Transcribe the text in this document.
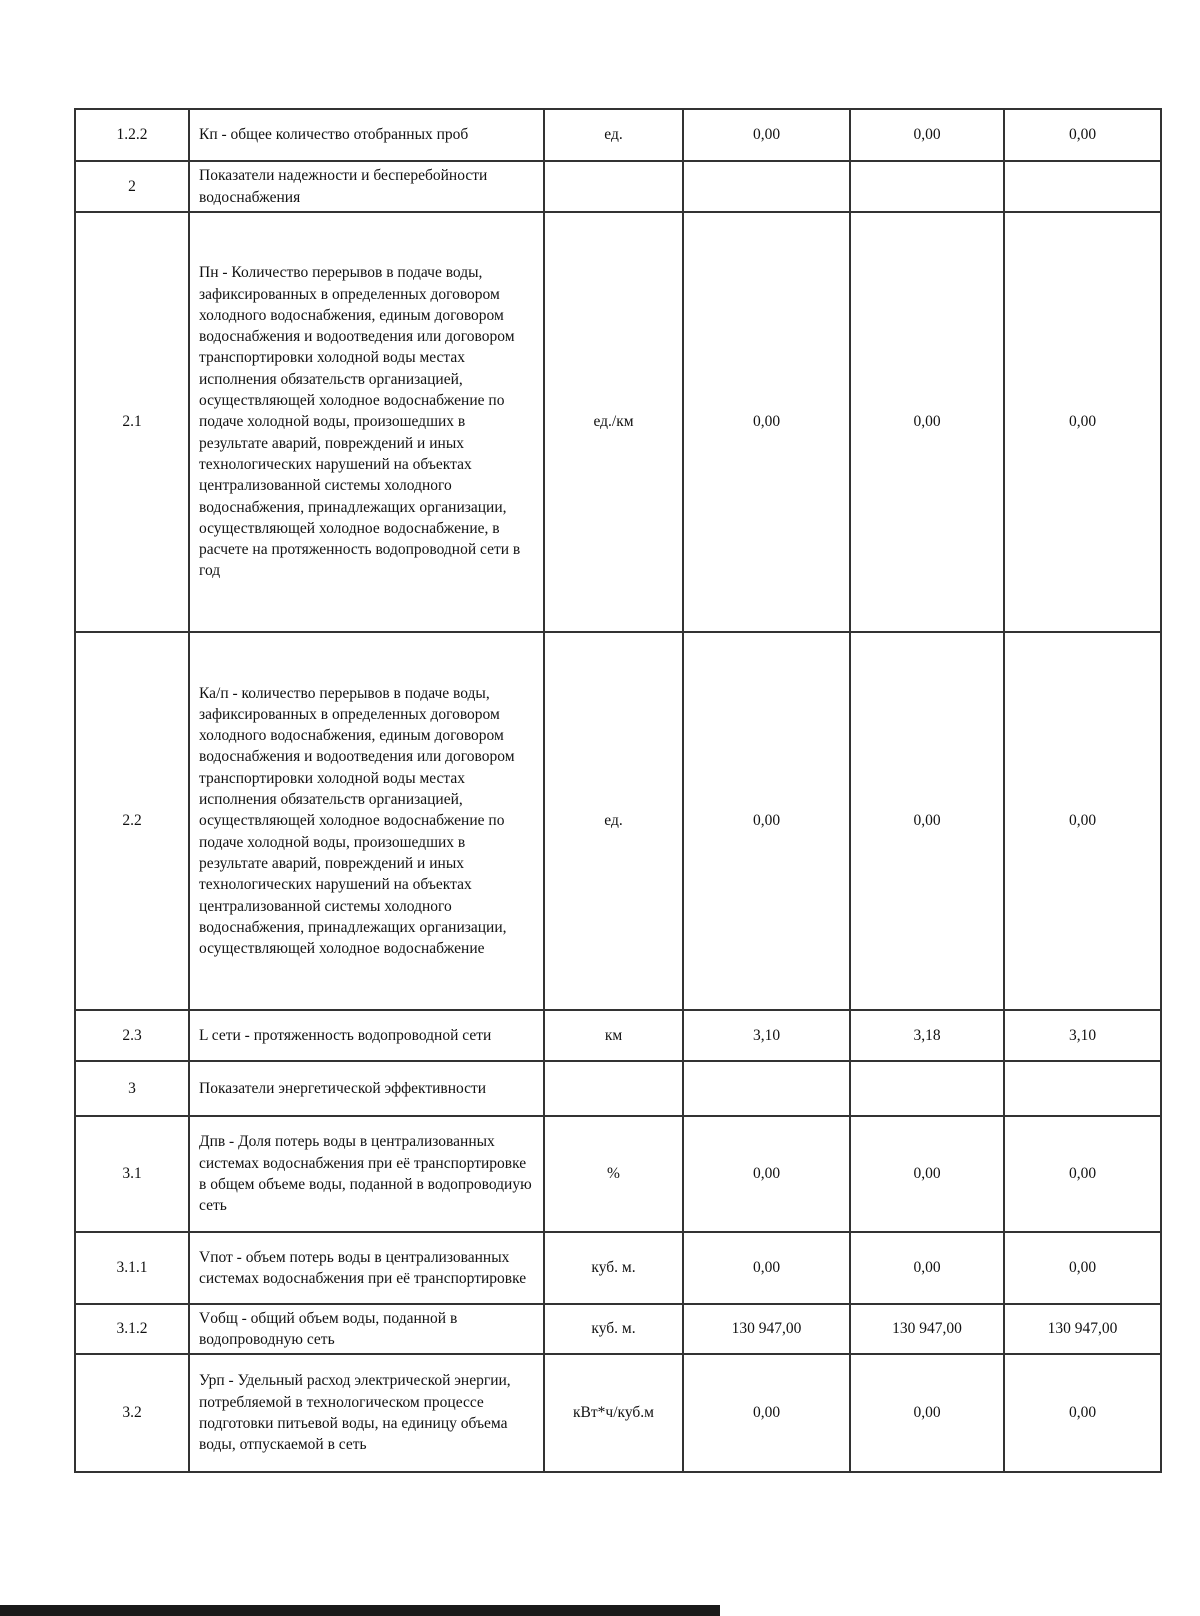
1.2.2	Кп - общее количество отобранных проб	ед.	0,00	0,00	0,00
2	Показатели надежности и бесперебойности водоснабжения				
2.1	Пн - Количество перерывов в подаче воды, зафиксированных в определенных договором холодного водоснабжения, единым договором водоснабжения и водоотведения или договором транспортировки холодной воды местах исполнения обязательств организацией, осуществляющей холодное водоснабжение по подаче холодной воды, произошедших в результате аварий, повреждений и иных технологических нарушений на объектах централизованной системы холодного водоснабжения, принадлежащих организации, осуществляющей холодное водоснабжение, в расчете на протяженность водопроводной сети в год	ед./км	0,00	0,00	0,00
2.2	Ка/п - количество перерывов в подаче воды, зафиксированных в определенных договором холодного водоснабжения, единым договором водоснабжения и водоотведения или договором транспортировки холодной воды местах исполнения обязательств организацией, осуществляющей холодное водоснабжение по подаче холодной воды, произошедших в результате аварий, повреждений и иных технологических нарушений на объектах централизованной системы холодного водоснабжения, принадлежащих организации, осуществляющей холодное водоснабжение	ед.	0,00	0,00	0,00
2.3	L сети - протяженность водопроводной сети	км	3,10	3,18	3,10
3	Показатели энергетической эффективности				
3.1	Дпв - Доля потерь воды в централизованных системах водоснабжения при её транспортировке в общем объеме воды, поданной в водопроводиую сеть	%	0,00	0,00	0,00
3.1.1	Vпот - объем потерь воды в централизованных системах водоснабжения при её транспортировке	куб. м.	0,00	0,00	0,00
3.1.2	Vобщ - общий объем воды, поданной в водопроводную сеть	куб. м.	130 947,00	130 947,00	130 947,00
3.2	Урп - Удельный расход электрической энергии, потребляемой в технологическом процессе подготовки питьевой воды, на единицу объема воды, отпускаемой в сеть	кВт*ч/куб.м	0,00	0,00	0,00
